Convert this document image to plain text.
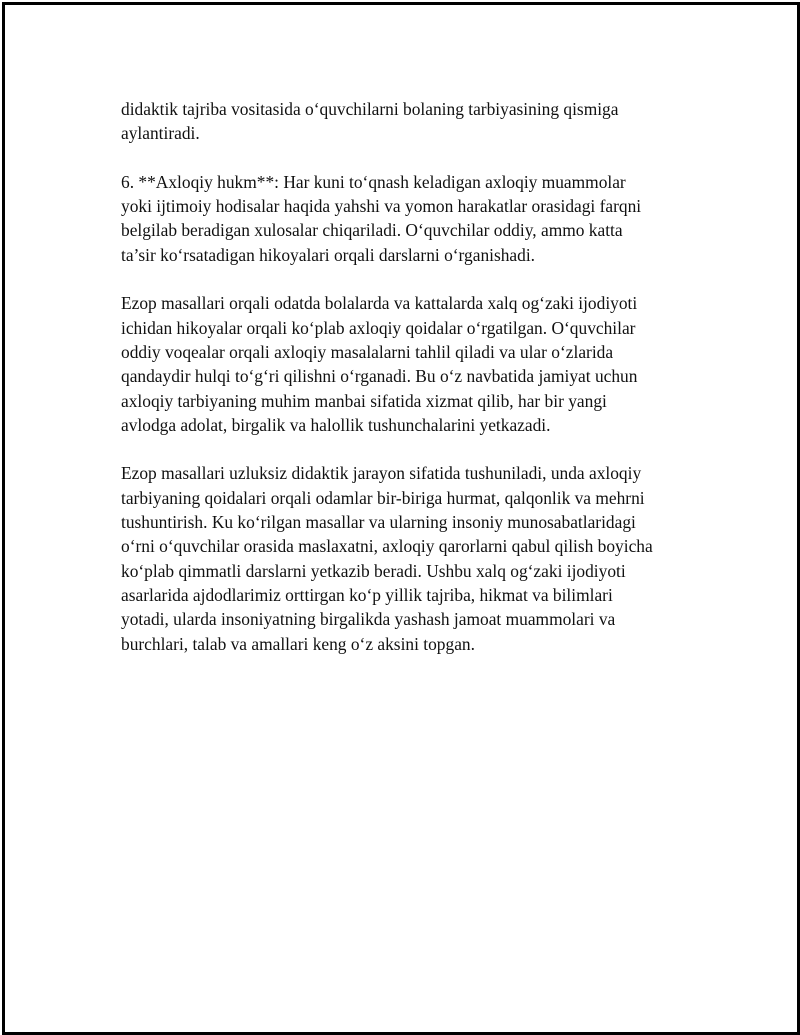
didaktik tajriba vositasida o‘quvchilarni bolaning tarbiyasining qismiga
aylantiradi.

6. **Axloqiy hukm**: Har kuni to‘qnash keladigan axloqiy muammolar
yoki ijtimoiy hodisalar haqida yahshi va yomon harakatlar orasidagi farqni
belgilab beradigan xulosalar chiqariladi. O‘quvchilar oddiy, ammo katta
ta’sir ko‘rsatadigan hikoyalari orqali darslarni o‘rganishadi.

Ezop masallari orqali odatda bolalarda va kattalarda xalq og‘zaki ijodiyoti
ichidan hikoyalar orqali ko‘plab axloqiy qoidalar o‘rgatilgan. O‘quvchilar
oddiy voqealar orqali axloqiy masalalarni tahlil qiladi va ular o‘zlarida
qandaydir hulqi to‘g‘ri qilishni o‘rganadi. Bu o‘z navbatida jamiyat uchun
axloqiy tarbiyaning muhim manbai sifatida xizmat qilib, har bir yangi
avlodga adolat, birgalik va halollik tushunchalarini yetkazadi.

Ezop masallari uzluksiz didaktik jarayon sifatida tushuniladi, unda axloqiy
tarbiyaning qoidalari orqali odamlar bir-biriga hurmat, qalqonlik va mehrni
tushuntirish. Ku ko‘rilgan masallar va ularning insoniy munosabatlaridagi
o‘rni o‘quvchilar orasida maslaxatni, axloqiy qarorlarni qabul qilish boyicha
ko‘plab qimmatli darslarni yetkazib beradi. Ushbu xalq og‘zaki ijodiyoti
asarlarida ajdodlarimiz orttirgan ko‘p yillik tajriba, hikmat va bilimlari
yotadi, ularda insoniyatning birgalikda yashash jamoat muammolari va
burchlari, talab va amallari keng o‘z aksini topgan.
